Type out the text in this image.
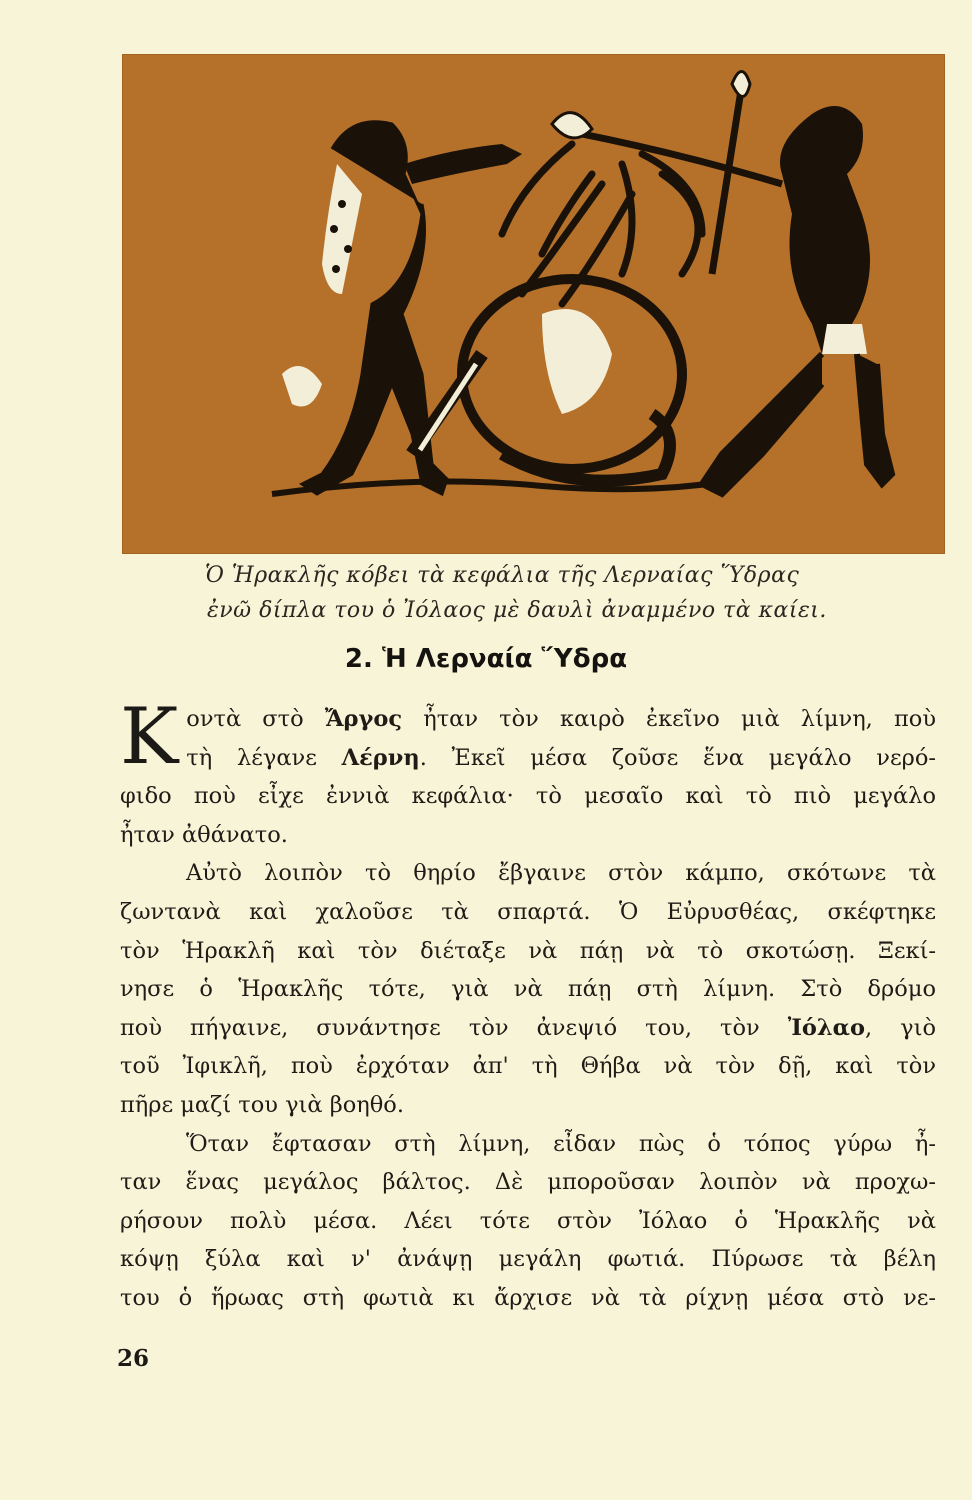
Ὁ Ἡρακλῆς κόβει τὰ κεφάλια τῆς Λερναίας Ὕδρας
ἐνῶ δίπλα του ὁ Ἰόλαος μὲ δαυλὶ ἀναμμένο τὰ καίει.
2. Ἡ Λερναία Ὕδρα
Κ οντὰ στὸ Ἄργος ἦταν τὸν καιρὸ ἐκεῖνο μιὰ λίμνη, ποὺ
τὴ λέγανε Λέρνη. Ἐκεῖ μέσα ζοῦσε ἕνα μεγάλο νερό-
φιδο ποὺ εἶχε ἐννιὰ κεφάλια· τὸ μεσαῖο καὶ τὸ πιὸ μεγάλο
ἦταν ἀθάνατο.
Αὐτὸ λοιπὸν τὸ θηρίο ἔβγαινε στὸν κάμπο, σκότωνε τὰ
ζωντανὰ καὶ χαλοῦσε τὰ σπαρτά. Ὁ Εὐρυσθέας, σκέφτηκε
τὸν Ἡρακλῆ καὶ τὸν διέταξε νὰ πάῃ νὰ τὸ σκοτώσῃ. Ξεκί-
νησε ὁ Ἡρακλῆς τότε, γιὰ νὰ πάῃ στὴ λίμνη. Στὸ δρόμο
ποὺ πήγαινε, συνάντησε τὸν ἀνεψιό του, τὸν Ἰόλαο, γιὸ
τοῦ Ἰφικλῆ, ποὺ ἐρχόταν ἀπ' τὴ Θήβα νὰ τὸν δῇ, καὶ τὸν
πῆρε μαζί του γιὰ βοηθό.
Ὅταν ἔφτασαν στὴ λίμνη, εἶδαν πὼς ὁ τόπος γύρω ἦ-
ταν ἕνας μεγάλος βάλτος. Δὲ μποροῦσαν λοιπὸν νὰ προχω-
ρήσουν πολὺ μέσα. Λέει τότε στὸν Ἰόλαο ὁ Ἡρακλῆς νὰ
κόψῃ ξύλα καὶ ν' ἀνάψῃ μεγάλη φωτιά. Πύρωσε τὰ βέλη
του ὁ ἥρωας στὴ φωτιὰ κι ἄρχισε νὰ τὰ ρίχνῃ μέσα στὸ νε-
26
